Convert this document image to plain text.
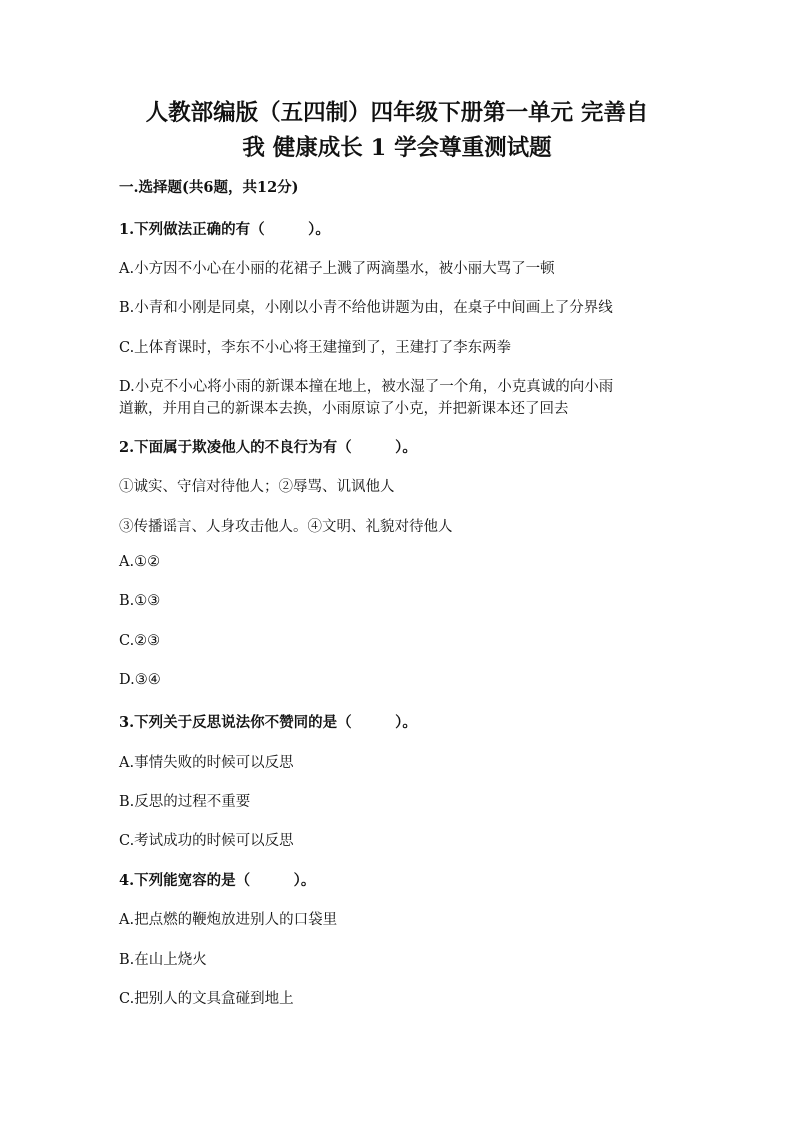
人教部编版（五四制）四年级下册第一单元 完善自
我 健康成长 1 学会尊重测试题
一.选择题(共6题，共12分)
1.下列做法正确的有（　　　）。
A.小方因不小心在小丽的花裙子上溅了两滴墨水，被小丽大骂了一顿
B.小青和小刚是同桌，小刚以小青不给他讲题为由，在桌子中间画上了分界线
C.上体育课时，李东不小心将王建撞到了，王建打了李东两拳
D.小克不小心将小雨的新课本撞在地上，被水湿了一个角，小克真诚的向小雨
道歉，并用自己的新课本去换，小雨原谅了小克，并把新课本还了回去
2.下面属于欺凌他人的不良行为有（　　　）。
①诚实、守信对待他人；②辱骂、讥讽他人
③传播谣言、人身攻击他人。④文明、礼貌对待他人
A.①②
B.①③
C.②③
D.③④
3.下列关于反思说法你不赞同的是（　　　）。
A.事情失败的时候可以反思
B.反思的过程不重要
C.考试成功的时候可以反思
4.下列能宽容的是（　　　）。
A.把点燃的鞭炮放进别人的口袋里
B.在山上烧火
C.把别人的文具盒碰到地上
